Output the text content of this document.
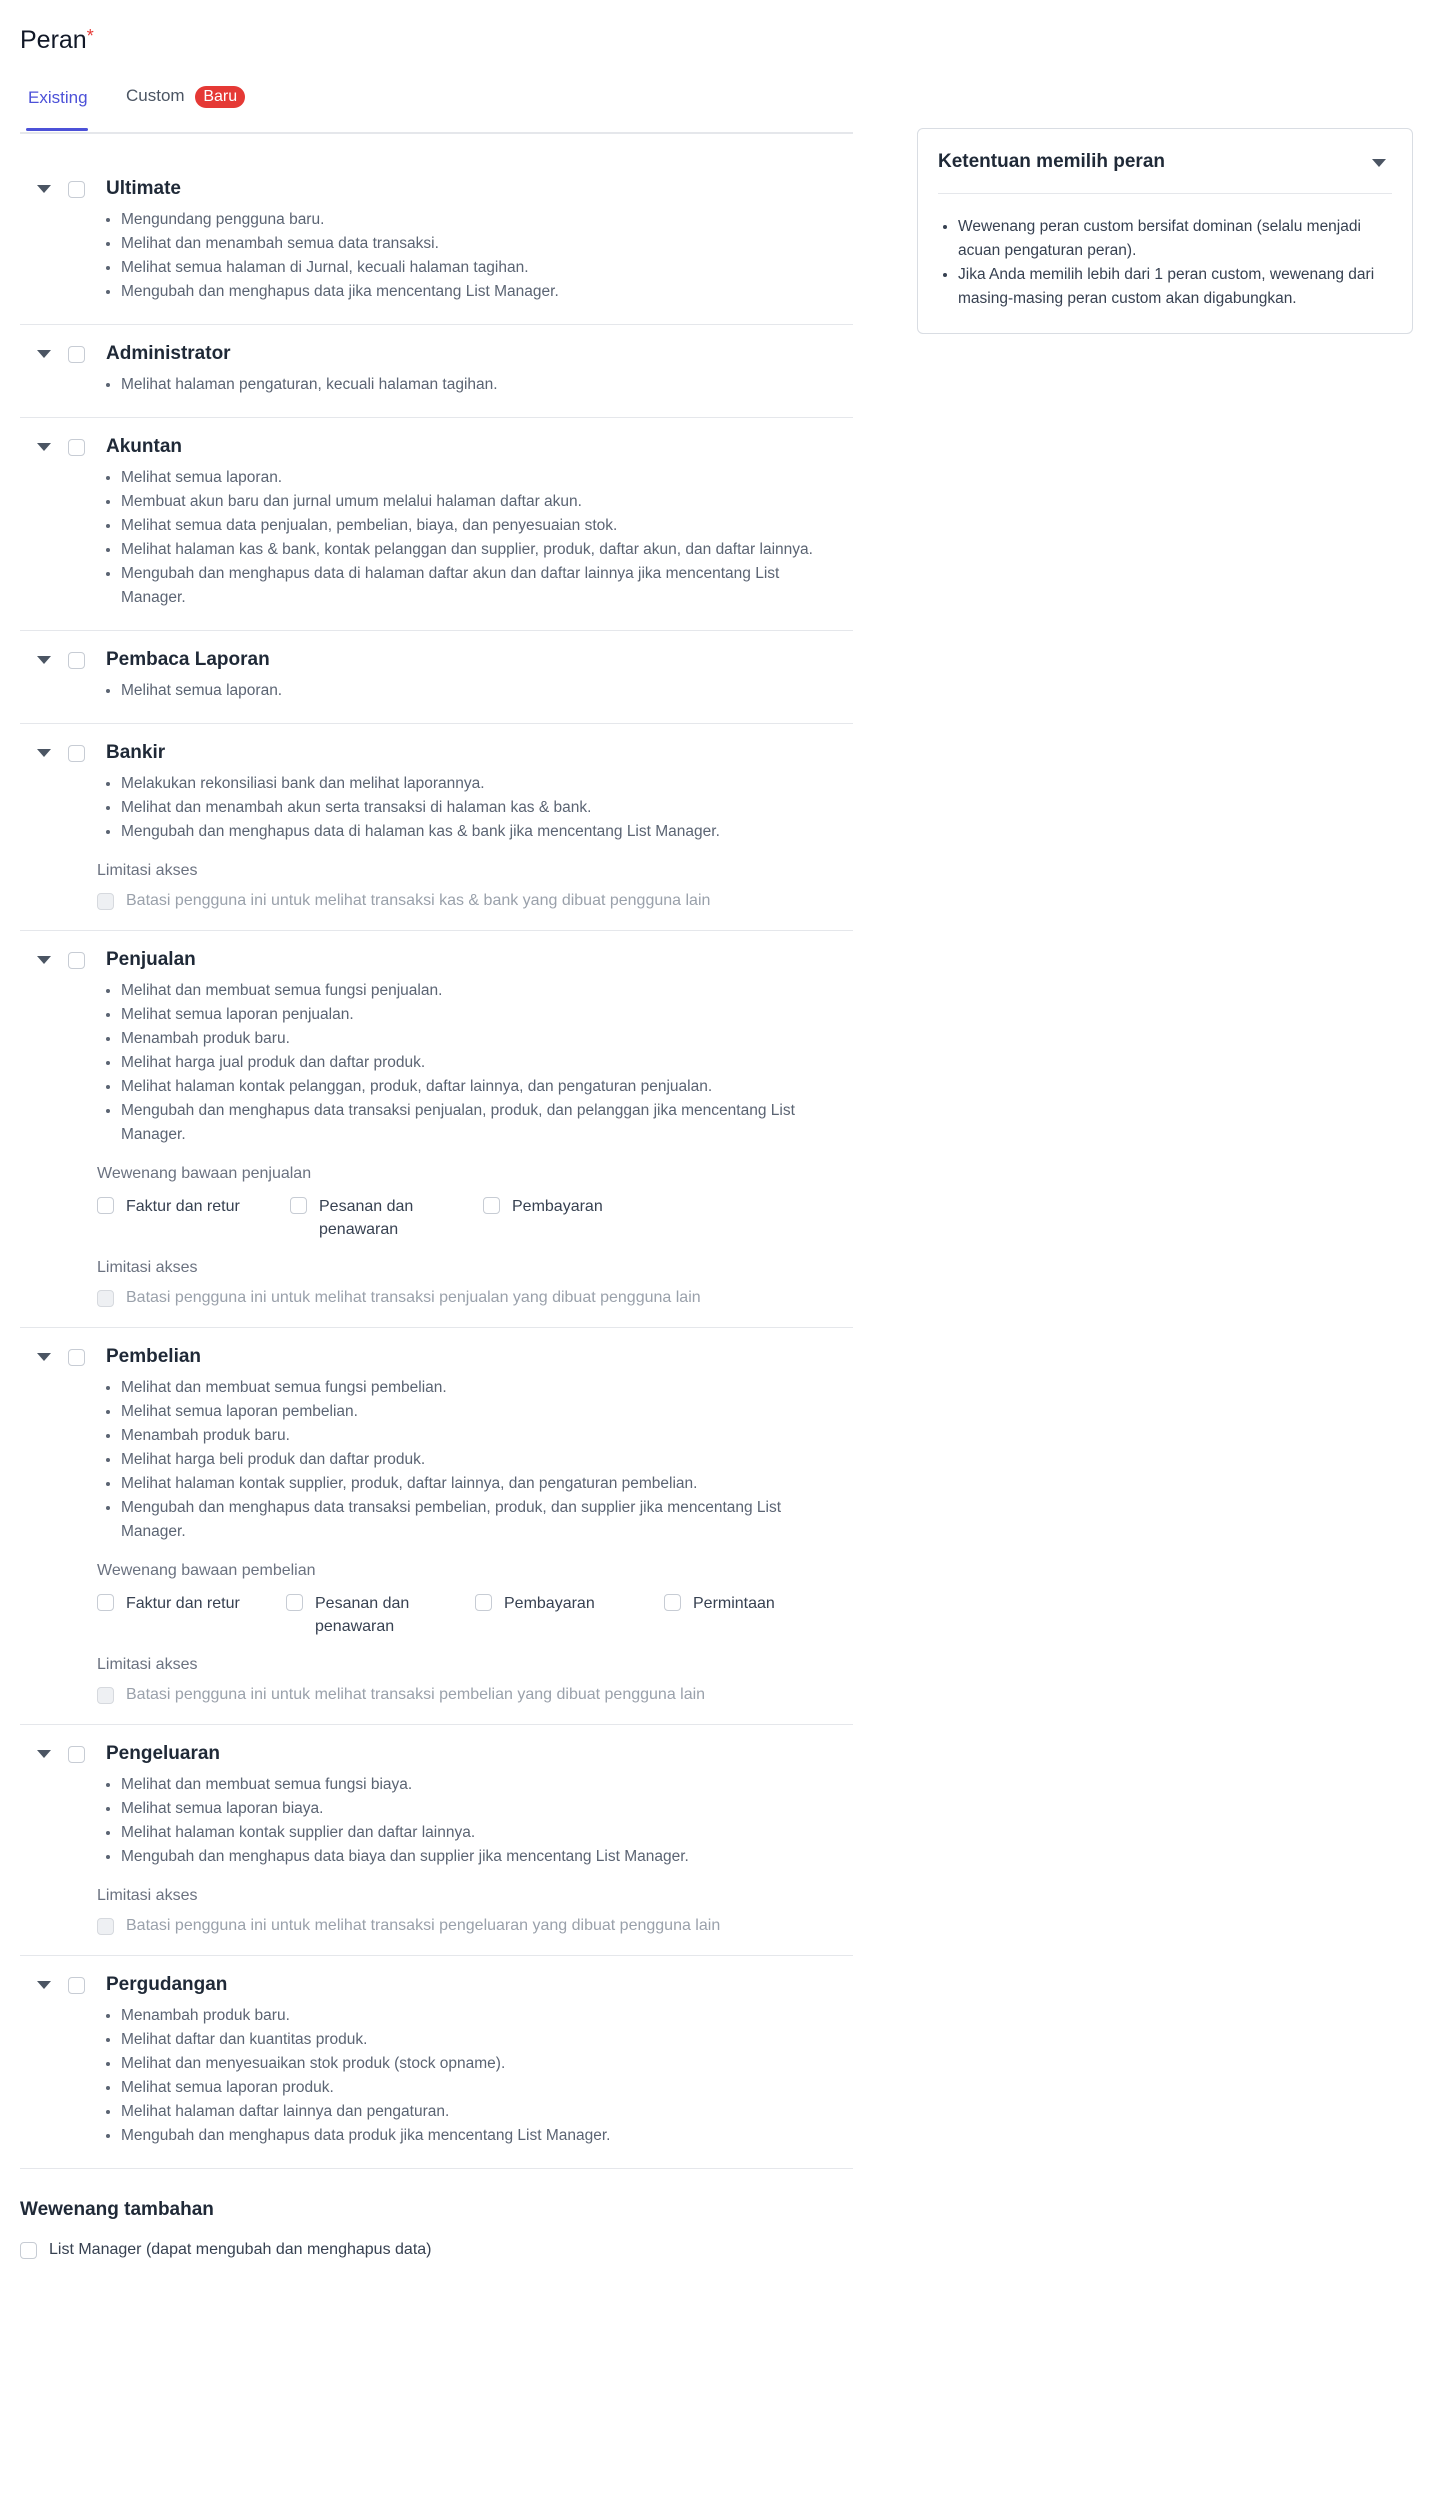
Peran*
Existing Custom Baru
Ultimate
• Mengundang pengguna baru.
• Melihat dan menambah semua data transaksi.
• Melihat semua halaman di Jurnal, kecuali halaman tagihan.
• Mengubah dan menghapus data jika mencentang List Manager.
Administrator
• Melihat halaman pengaturan, kecuali halaman tagihan.
Akuntan
• Melihat semua laporan.
• Membuat akun baru dan jurnal umum melalui halaman daftar akun.
• Melihat semua data penjualan, pembelian, biaya, dan penyesuaian stok.
• Melihat halaman kas & bank, kontak pelanggan dan supplier, produk, daftar akun, dan daftar lainnya.
• Mengubah dan menghapus data di halaman daftar akun dan daftar lainnya jika mencentang List Manager.
Pembaca Laporan
• Melihat semua laporan.
Bankir
• Melakukan rekonsiliasi bank dan melihat laporannya.
• Melihat dan menambah akun serta transaksi di halaman kas & bank.
• Mengubah dan menghapus data di halaman kas & bank jika mencentang List Manager.
Limitasi akses
Batasi pengguna ini untuk melihat transaksi kas & bank yang dibuat pengguna lain
Penjualan
• Melihat dan membuat semua fungsi penjualan.
• Melihat semua laporan penjualan.
• Menambah produk baru.
• Melihat harga jual produk dan daftar produk.
• Melihat halaman kontak pelanggan, produk, daftar lainnya, dan pengaturan penjualan.
• Mengubah dan menghapus data transaksi penjualan, produk, dan pelanggan jika mencentang List Manager.
Wewenang bawaan penjualan
Faktur dan retur	Pesanan dan penawaran
Pembayaran
Limitasi akses
Batasi pengguna ini untuk melihat transaksi penjualan yang dibuat pengguna lain
Pembelian
• Melihat dan membuat semua fungsi pembelian.
• Melihat semua laporan pembelian.
• Menambah produk baru.
• Melihat harga beli produk dan daftar produk.
• Melihat halaman kontak supplier, produk, daftar lainnya, dan pengaturan pembelian.
• Mengubah dan menghapus data transaksi pembelian, produk, dan supplier jika mencentang List Manager.
Wewenang bawaan pembelian
Faktur dan retur	Pesanan dan penawaran
Pembayaran	Permintaan
Limitasi akses
Batasi pengguna ini untuk melihat transaksi pembelian yang dibuat pengguna lain
Pengeluaran
• Melihat dan membuat semua fungsi biaya.
• Melihat semua laporan biaya.
• Melihat halaman kontak supplier dan daftar lainnya.
• Mengubah dan menghapus data biaya dan supplier jika mencentang List Manager.
Limitasi akses
Batasi pengguna ini untuk melihat transaksi pengeluaran yang dibuat pengguna lain
Pergudangan
• Menambah produk baru.
• Melihat daftar dan kuantitas produk.
• Melihat dan menyesuaikan stok produk (stock opname).
• Melihat semua laporan produk.
• Melihat halaman daftar lainnya dan pengaturan.
• Mengubah dan menghapus data produk jika mencentang List Manager.
Wewenang tambahan
List Manager (dapat mengubah dan menghapus data)
Ketentuan memilih peran
• Wewenang peran custom bersifat dominan (selalu menjadi acuan pengaturan peran).
• Jika Anda memilih lebih dari 1 peran custom, wewenang dari masing-masing peran custom akan digabungkan.
